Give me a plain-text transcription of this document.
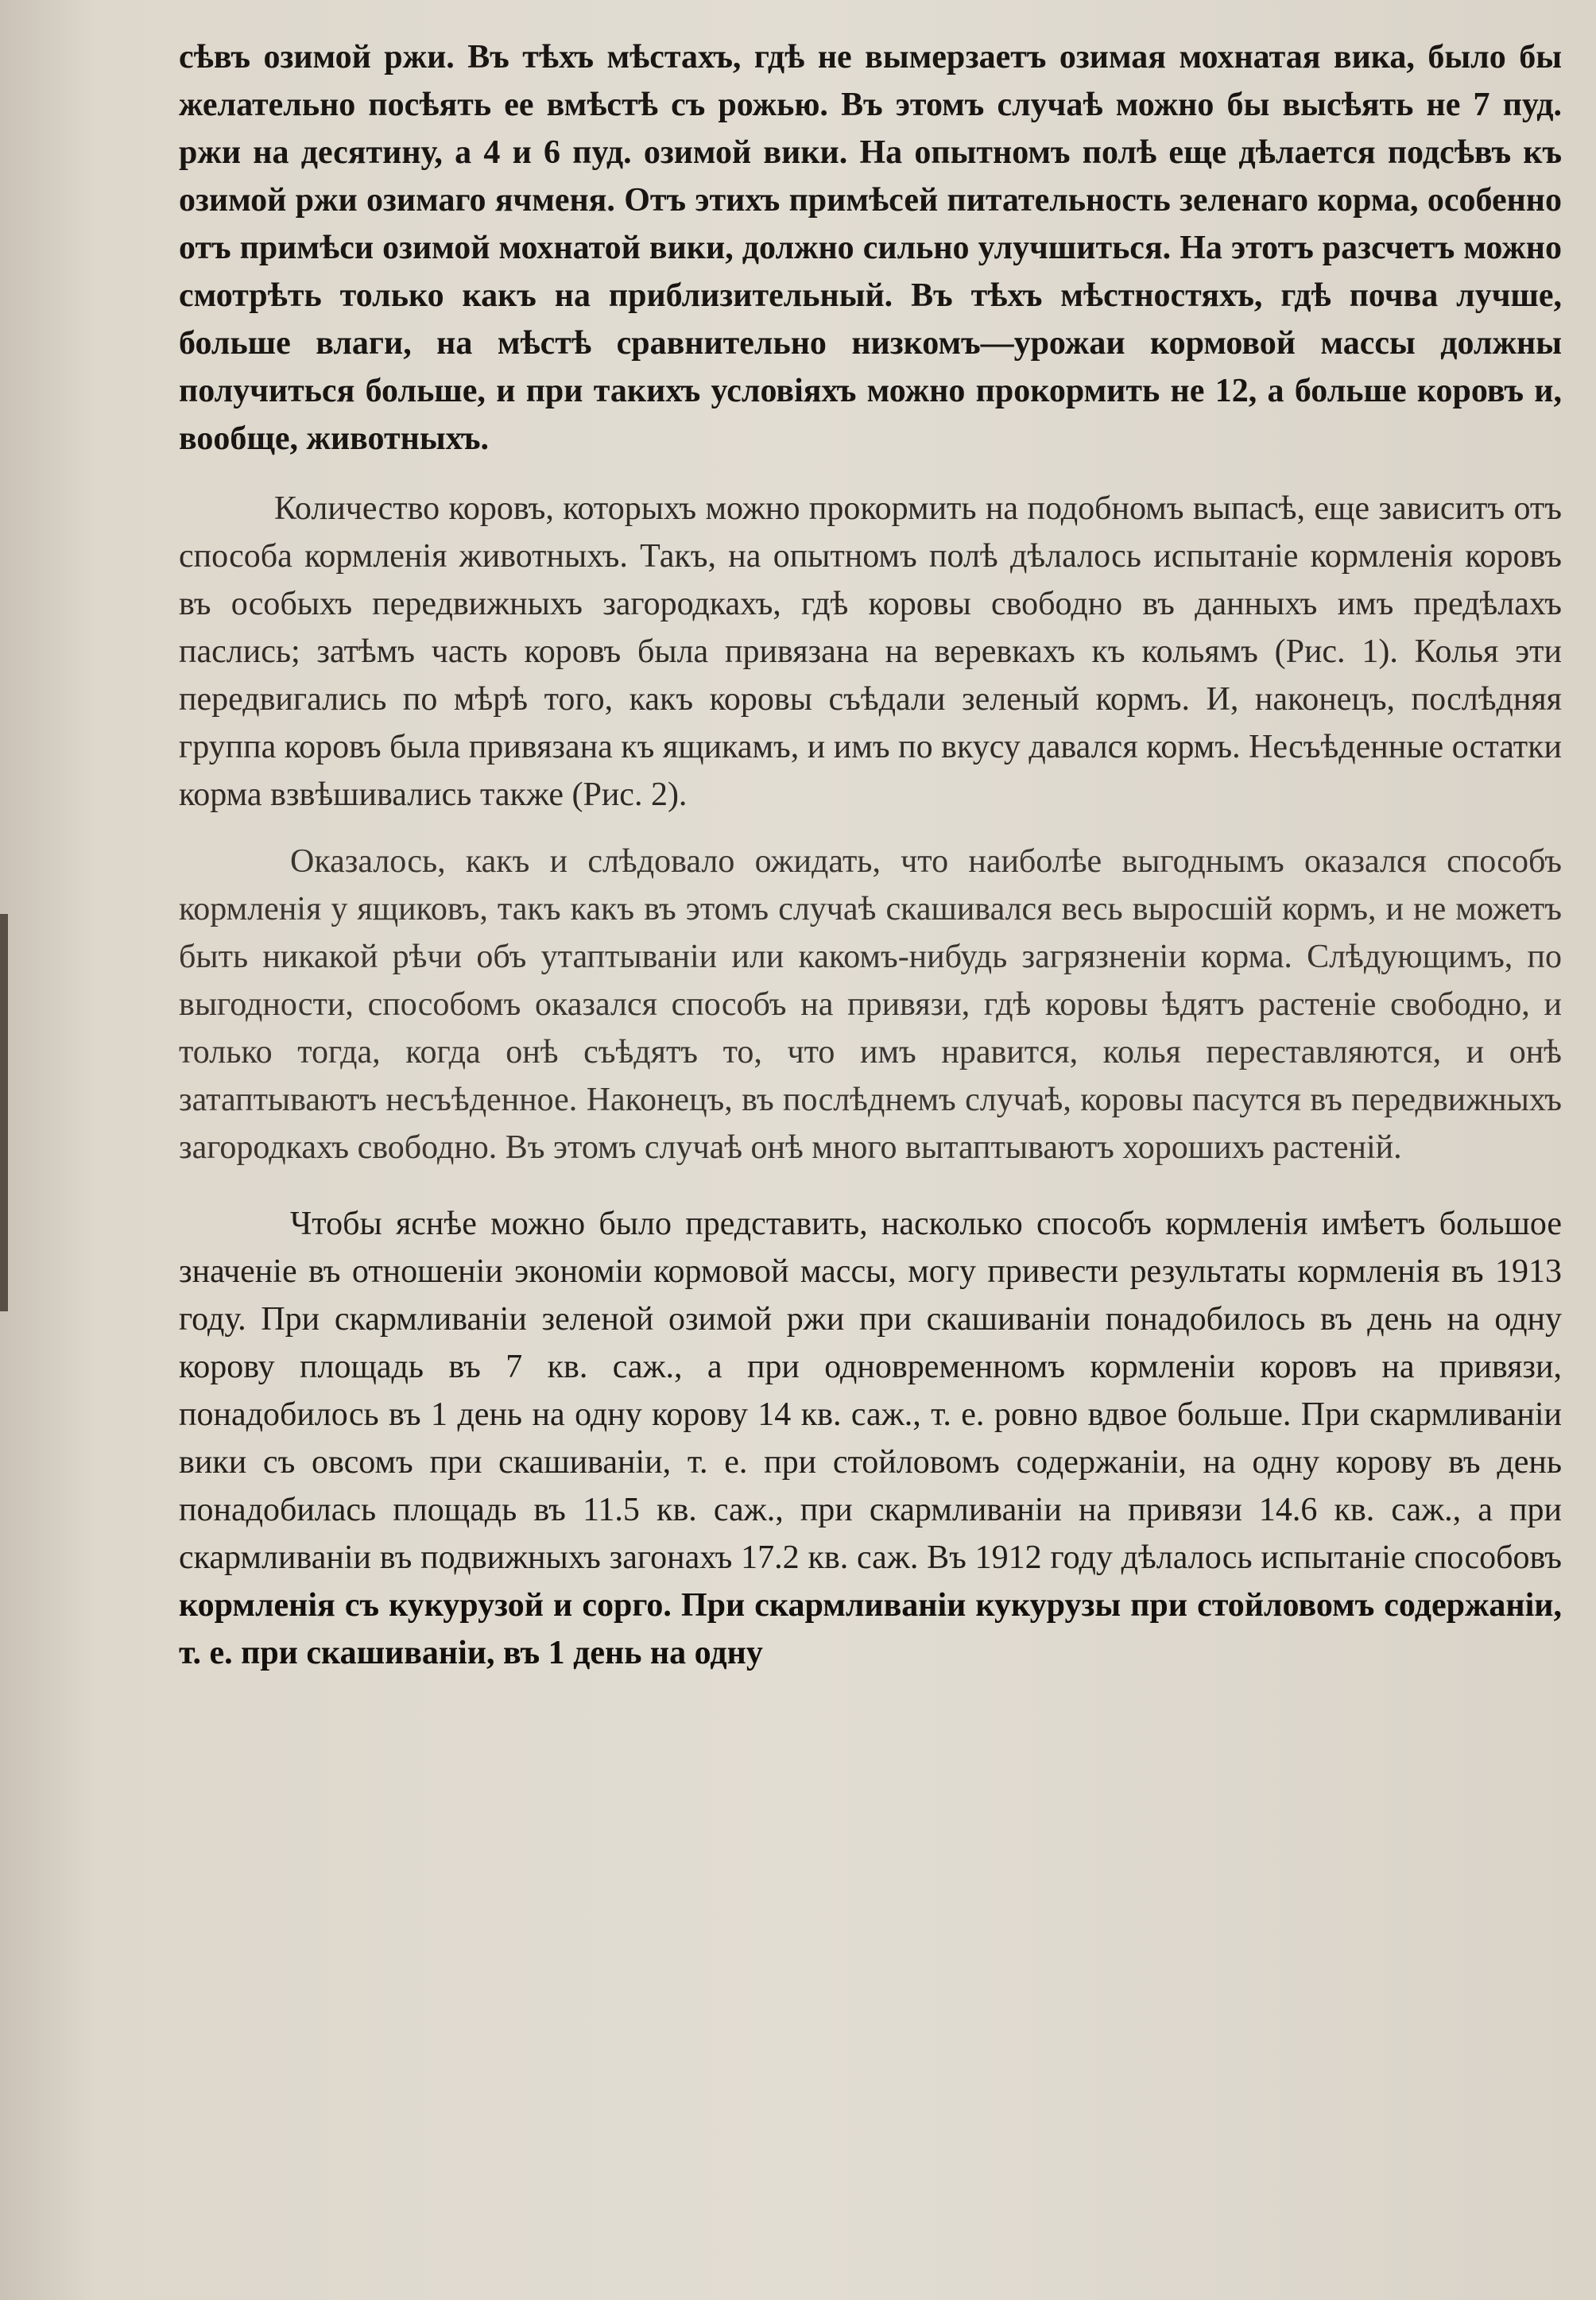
сѣвъ озимой ржи. Въ тѣхъ мѣстахъ, гдѣ не вымерзаетъ озимая мохнатая вика, было бы желательно посѣять ее вмѣстѣ съ рожью. Въ этомъ случаѣ можно бы высѣять не 7 пуд. ржи на десятину, а 4 и 6 пуд. озимой вики. На опытномъ полѣ еще дѣлается подсѣвъ къ озимой ржи озимаго ячменя. Отъ этихъ примѣсей питательность зеленаго корма, особенно отъ примѣси озимой мохнатой вики, должно сильно улучшиться. На этотъ разсчетъ можно смотрѣть только какъ на приблизительный. Въ тѣхъ мѣстностяхъ, гдѣ почва лучше, больше влаги, на мѣстѣ сравнительно низкомъ—урожаи кормовой массы должны получиться больше, и при такихъ условіяхъ можно прокормить не 12, а больше коровъ и, вообще, животныхъ.

Количество коровъ, которыхъ можно прокормить на подобномъ выпасѣ, еще зависитъ отъ способа кормленія животныхъ. Такъ, на опытномъ полѣ дѣлалось испытаніе кормленія коровъ въ особыхъ передвижныхъ загородкахъ, гдѣ коровы свободно въ данныхъ имъ предѣлахъ паслись; затѣмъ часть коровъ была привязана на веревкахъ къ кольямъ (Рис. 1). Колья эти передвигались по мѣрѣ того, какъ коровы съѣдали зеленый кормъ. И, наконецъ, послѣдняя группа коровъ была привязана къ ящикамъ, и имъ по вкусу давался кормъ. Несъѣденные остатки корма взвѣшивались также (Рис. 2).

Оказалось, какъ и слѣдовало ожидать, что наиболѣе выгоднымъ оказался способъ кормленія у ящиковъ, такъ какъ въ этомъ случаѣ скашивался весь выросшій кормъ, и не можетъ быть никакой рѣчи объ утаптываніи или какомъ-нибудь загрязненіи корма. Слѣдующимъ, по выгодности, способомъ оказался способъ на привязи, гдѣ коровы ѣдятъ растеніе свободно, и только тогда, когда онѣ съѣдятъ то, что имъ нравится, колья переставляются, и онѣ затаптываютъ несъѣденное. Наконецъ, въ послѣднемъ случаѣ, коровы пасутся въ передвижныхъ загородкахъ свободно. Въ этомъ случаѣ онѣ много вытаптываютъ хорошихъ растеній.

Чтобы яснѣе можно было представить, насколько способъ кормленія имѣетъ большое значеніе въ отношеніи экономіи кормовой массы, могу привести результаты кормленія въ 1913 году. При скармливаніи зеленой озимой ржи при скашиваніи понадобилось въ день на одну корову площадь въ 7 кв. саж., а при одновременномъ кормленіи коровъ на привязи, понадобилось въ 1 день на одну корову 14 кв. саж., т. е. ровно вдвое больше. При скармливаніи вики съ овсомъ при скашиваніи, т. е. при стойловомъ содержаніи, на одну корову въ день понадобилась площадь въ 11.5 кв. саж., при скармливаніи на привязи 14.6 кв. саж., а при скармливаніи въ подвижныхъ загонахъ 17.2 кв. саж. Въ 1912 году дѣлалось испытаніе способовъ кормленія съ кукурузой и сорго. При скармливаніи кукурузы при стойловомъ содержаніи, т. е. при скашиваніи, въ 1 день на одну
